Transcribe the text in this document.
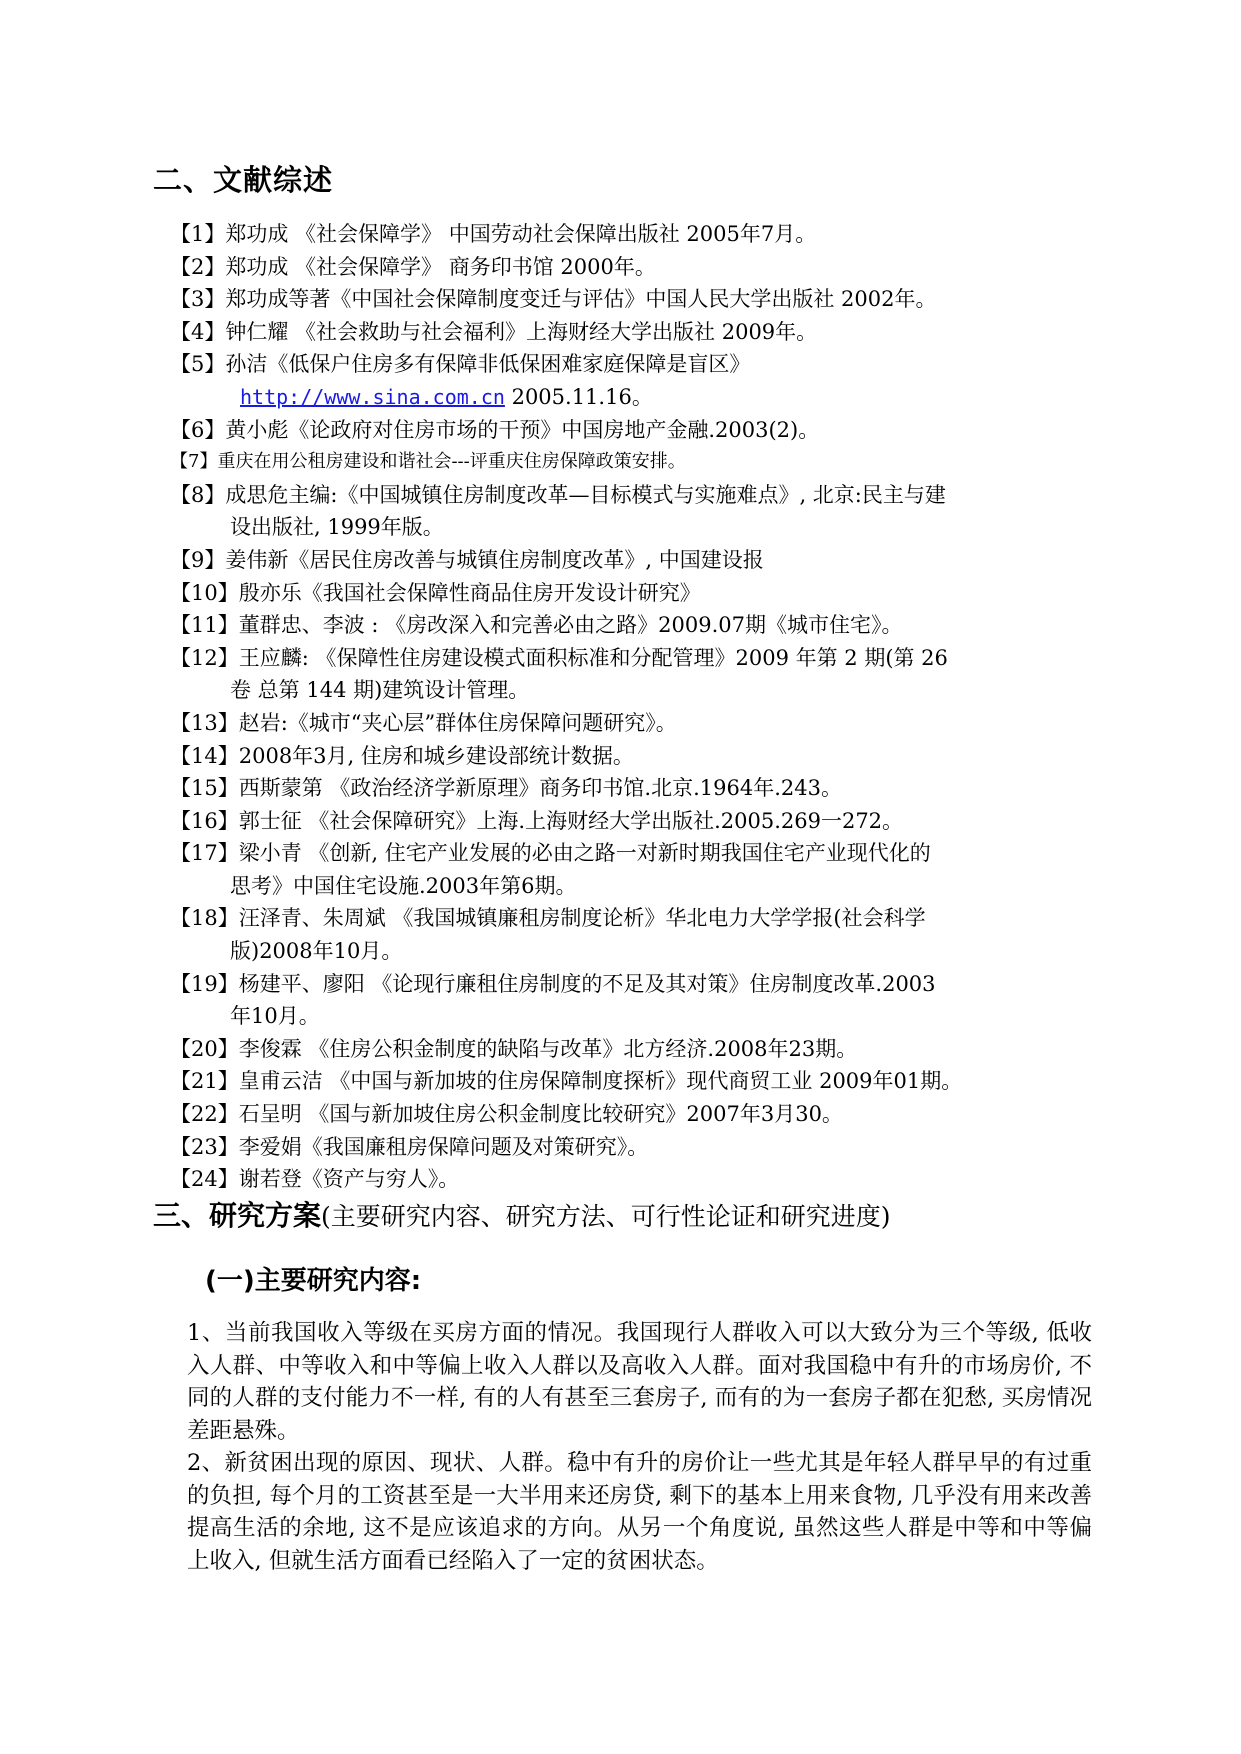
二、文献综述
【1】郑功成 《社会保障学》 中国劳动社会保障出版社 2005年7月。
【2】郑功成 《社会保障学》 商务印书馆 2000年。
【3】郑功成等著《中国社会保障制度变迁与评估》中国人民大学出版社 2002年。
【4】钟仁耀 《社会救助与社会福利》上海财经大学出版社 2009年。
【5】孙洁《低保户住房多有保障非低保困难家庭保障是盲区》
http://www.sina.com.cn 2005.11.16。
【6】黄小彪《论政府对住房市场的干预》中国房地产金融.2003(2)。
【7】重庆在用公租房建设和谐社会---评重庆住房保障政策安排。
【8】成思危主编:《中国城镇住房制度改革—目标模式与实施难点》, 北京:民主与建
设出版社, 1999年版。
【9】姜伟新《居民住房改善与城镇住房制度改革》, 中国建设报
【10】殷亦乐《我国社会保障性商品住房开发设计研究》
【11】董群忠、李波 : 《房改深入和完善必由之路》2009.07期《城市住宅》。
【12】王应麟: 《保障性住房建设模式面积标准和分配管理》2009 年第 2 期(第 26
卷 总第 144 期)建筑设计管理。
【13】赵岩:《城市“夹心层”群体住房保障问题研究》。
【14】2008年3月, 住房和城乡建设部统计数据。
【15】西斯蒙第 《政治经济学新原理》商务印书馆.北京.1964年.243。
【16】郭士征 《社会保障研究》上海.上海财经大学出版社.2005.269一272。
【17】梁小青 《创新, 住宅产业发展的必由之路一对新时期我国住宅产业现代化的
思考》中国住宅设施.2003年第6期。
【18】汪泽青、朱周斌 《我国城镇廉租房制度论析》华北电力大学学报(社会科学
版)2008年10月。
【19】杨建平、廖阳 《论现行廉租住房制度的不足及其对策》住房制度改革.2003
年10月。
【20】李俊霖 《住房公积金制度的缺陷与改革》北方经济.2008年23期。
【21】皇甫云洁 《中国与新加坡的住房保障制度探析》现代商贸工业 2009年01期。
【22】石呈明 《国与新加坡住房公积金制度比较研究》2007年3月30。
【23】李爱娟《我国廉租房保障问题及对策研究》。
【24】谢若登《资产与穷人》。
三、研究方案(主要研究内容、研究方法、可行性论证和研究进度)
(一)主要研究内容:

1、当前我国收入等级在买房方面的情况。我国现行人群收入可以大致分为三个等级, 低收入人群、中等收入和中等偏上收入人群以及高收入人群。面对我国稳中有升的市场房价, 不同的人群的支付能力不一样, 有的人有甚至三套房子, 而有的为一套房子都在犯愁, 买房情况差距悬殊。

2、新贫困出现的原因、现状、人群。稳中有升的房价让一些尤其是年轻人群早早的有过重的负担, 每个月的工资甚至是一大半用来还房贷, 剩下的基本上用来食物, 几乎没有用来改善提高生活的余地, 这不是应该追求的方向。从另一个角度说, 虽然这些人群是中等和中等偏上收入, 但就生活方面看已经陷入了一定的贫困状态。
